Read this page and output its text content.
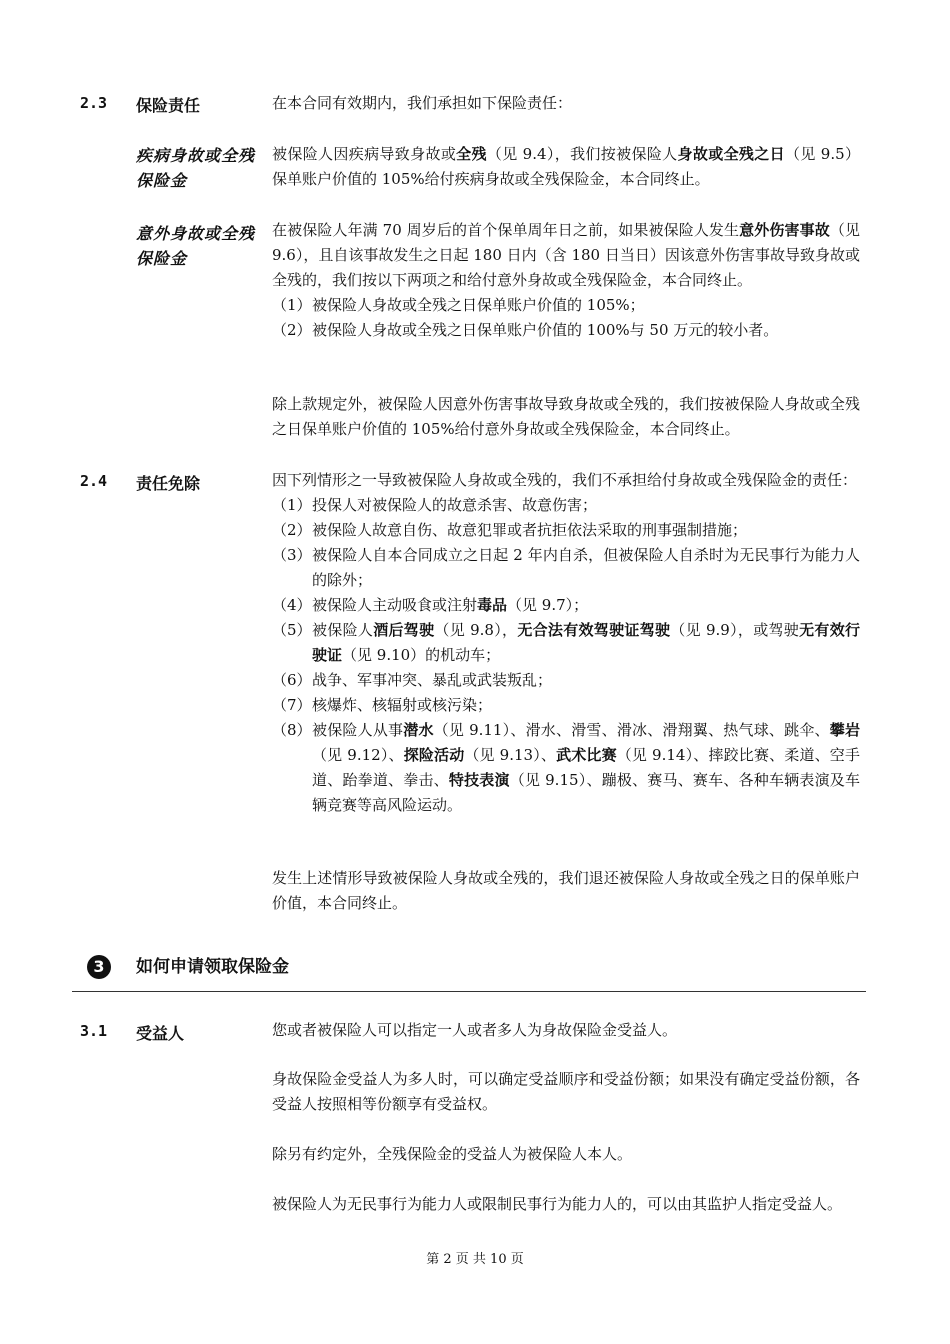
2.3 保险责任	在本合同有效期内，我们承担如下保险责任：

疾病身故或全残保险金

被保险人因疾病导致身故或全残（见 9.4），我们按被保险人身故或全残之日（见 9.5）保单账户价值的 105%给付疾病身故或全残保险金，本合同终止。

意外身故或全残保险金

在被保险人年满 70 周岁后的首个保单周年日之前，如果被保险人发生意外伤害事故（见 9.6），且自该事故发生之日起 180 日内（含 180 日当日）因该意外伤害事故导致身故或全残的，我们按以下两项之和给付意外身故或全残保险金，本合同终止。

（1） 被保险人身故或全残之日保单账户价值的 105%；
（2） 被保险人身故或全残之日保单账户价值的 100%与 50 万元的较小者。

除上款规定外，被保险人因意外伤害事故导致身故或全残的，我们按被保险人身故或全残之日保单账户价值的 105%给付意外身故或全残保险金，本合同终止。

2.4 责任免除	因下列情形之一导致被保险人身故或全残的，我们不承担给付身故或全残保险金的责任：

（1） 投保人对被保险人的故意杀害、故意伤害；
（2） 被保险人故意自伤、故意犯罪或者抗拒依法采取的刑事强制措施；
（3） 被保险人自本合同成立之日起 2 年内自杀，但被保险人自杀时为无民事行为能力人的除外；
（4） 被保险人主动吸食或注射毒品（见 9.7）；
（5） 被保险人酒后驾驶（见 9.8），无合法有效驾驶证驾驶（见 9.9），或驾驶无有效行驶证（见 9.10）的机动车；
（6） 战争、军事冲突、暴乱或武装叛乱；
（7） 核爆炸、核辐射或核污染；
（8） 被保险人从事潜水（见 9.11）、滑水、滑雪、滑冰、滑翔翼、热气球、跳伞、攀岩（见 9.12）、探险活动（见 9.13）、武术比赛（见 9.14）、摔跤比赛、柔道、空手道、跆拳道、拳击、特技表演（见 9.15）、蹦极、赛马、赛车、各种车辆表演及车辆竞赛等高风险运动。

发生上述情形导致被保险人身故或全残的，我们退还被保险人身故或全残之日的保单账户价值，本合同终止。

3	如何申请领取保险金
3.1 受益人	您或者被保险人可以指定一人或者多人为身故保险金受益人。

身故保险金受益人为多人时，可以确定受益顺序和受益份额；如果没有确定受益份额，各受益人按照相等份额享有受益权。

除另有约定外，全残保险金的受益人为被保险人本人。

被保险人为无民事行为能力人或限制民事行为能力人的，可以由其监护人指定受益人。

第 2 页 共 10 页
